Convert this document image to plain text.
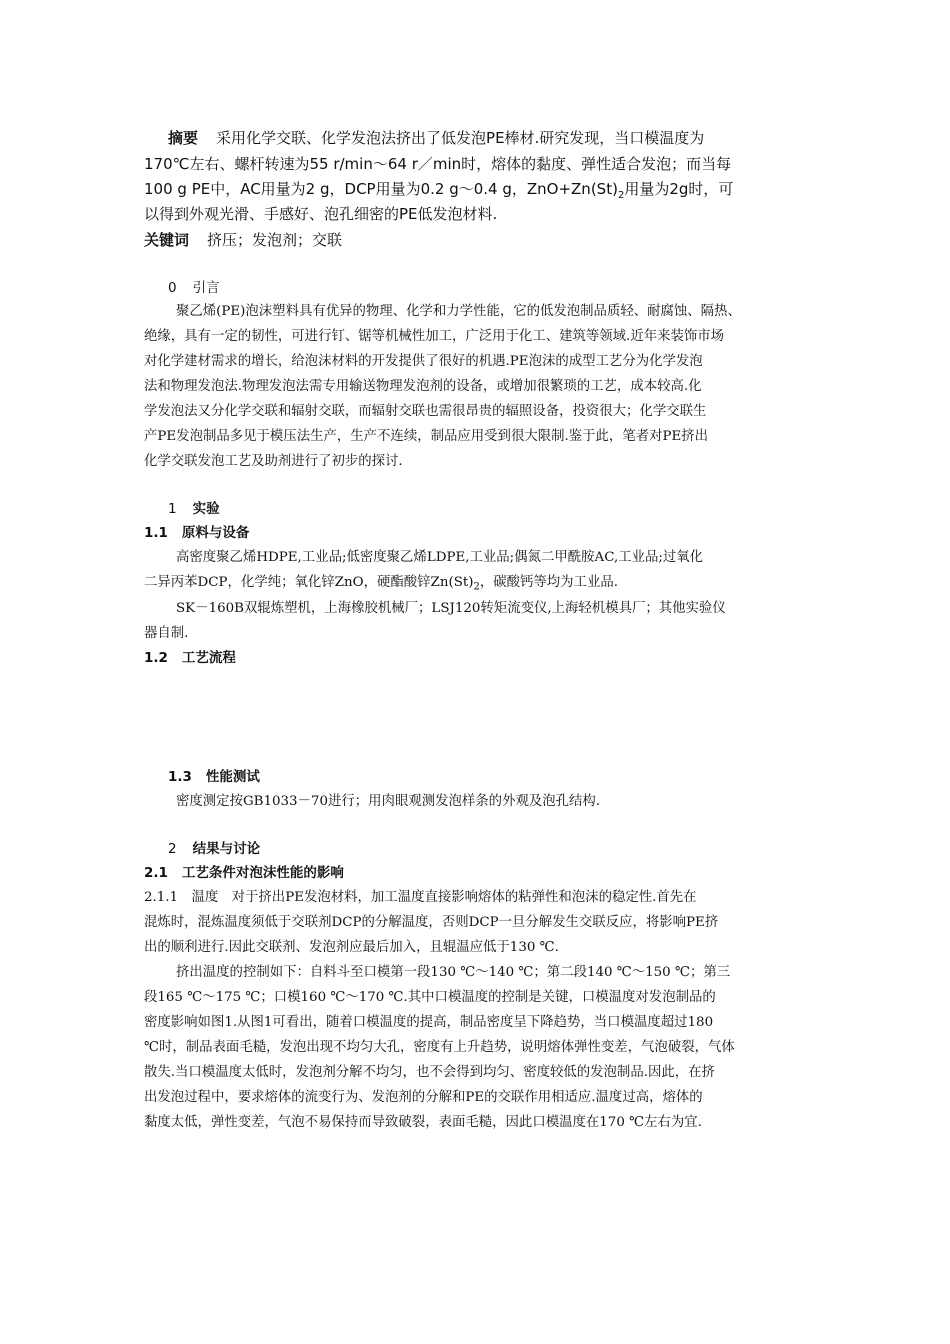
摘要 采用化学交联、化学发泡法挤出了低发泡PE棒材.研究发现，当口模温度为
170℃左右、螺杆转速为55 r/min～64 r／min时，熔体的黏度、弹性适合发泡；而当每
100 g PE中，AC用量为2 g，DCP用量为0.2 g～0.4 g，$ZnO+Zn(St)_2$用量为2g时，可
以得到外观光滑、手感好、泡孔细密的PE低发泡材料.
关键词 挤压；发泡剂；交联
0 引言
聚乙烯(PE)泡沫塑料具有优异的物理、化学和力学性能，它的低发泡制品质轻、耐腐蚀、隔热、
绝缘，具有一定的韧性，可进行钉、锯等机械性加工，广泛用于化工、建筑等领域.近年来装饰市场
对化学建材需求的增长，给泡沫材料的开发提供了很好的机遇.PE泡沫的成型工艺分为化学发泡
法和物理发泡法.物理发泡法需专用输送物理发泡剂的设备，或增加很繁琐的工艺，成本较高.化
学发泡法又分化学交联和辐射交联，而辐射交联也需很昂贵的辐照设备，投资很大；化学交联生
产PE发泡制品多见于模压法生产，生产不连续，制品应用受到很大限制.鉴于此，笔者对PE挤出
化学交联发泡工艺及助剂进行了初步的探讨.
1 实验
1.1 原料与设备
高密度聚乙烯HDPE,工业品;低密度聚乙烯LDPE,工业品;偶氮二甲酰胺AC,工业品;过氧化
二异丙苯DCP，化学纯；氧化锌ZnO，硬酯酸锌$Zn(St)_2$，碳酸钙等均为工业品.
SK－160B双辊炼塑机，上海橡胶机械厂；LSJ120转矩流变仪,上海轻机模具厂；其他实验仪
器自制.
1.2 工艺流程
1.3 性能测试
密度测定按GB1033－70进行；用肉眼观测发泡样条的外观及泡孔结构.
2 结果与讨论
2.1 工艺条件对泡沫性能的影响
2.1.1　温度　对于挤出PE发泡材料，加工温度直接影响熔体的粘弹性和泡沫的稳定性.首先在
混炼时，混炼温度须低于交联剂DCP的分解温度，否则DCP一旦分解发生交联反应，将影响PE挤
出的顺利进行.因此交联剂、发泡剂应最后加入，且辊温应低于130 ℃.
挤出温度的控制如下：自料斗至口模第一段130 ℃～140 ℃；第二段140 ℃～150 ℃；第三
段165 ℃～175 ℃；口模160 ℃～170 ℃.其中口模温度的控制是关键，口模温度对发泡制品的
密度影响如图1.从图1可看出，随着口模温度的提高，制品密度呈下降趋势，当口模温度超过180
℃时，制品表面毛糙，发泡出现不均匀大孔，密度有上升趋势，说明熔体弹性变差，气泡破裂，气体
散失.当口模温度太低时，发泡剂分解不均匀，也不会得到均匀、密度较低的发泡制品.因此，在挤
出发泡过程中，要求熔体的流变行为、发泡剂的分解和PE的交联作用相适应.温度过高，熔体的
黏度太低，弹性变差，气泡不易保持而导致破裂，表面毛糙，因此口模温度在170 ℃左右为宜.
